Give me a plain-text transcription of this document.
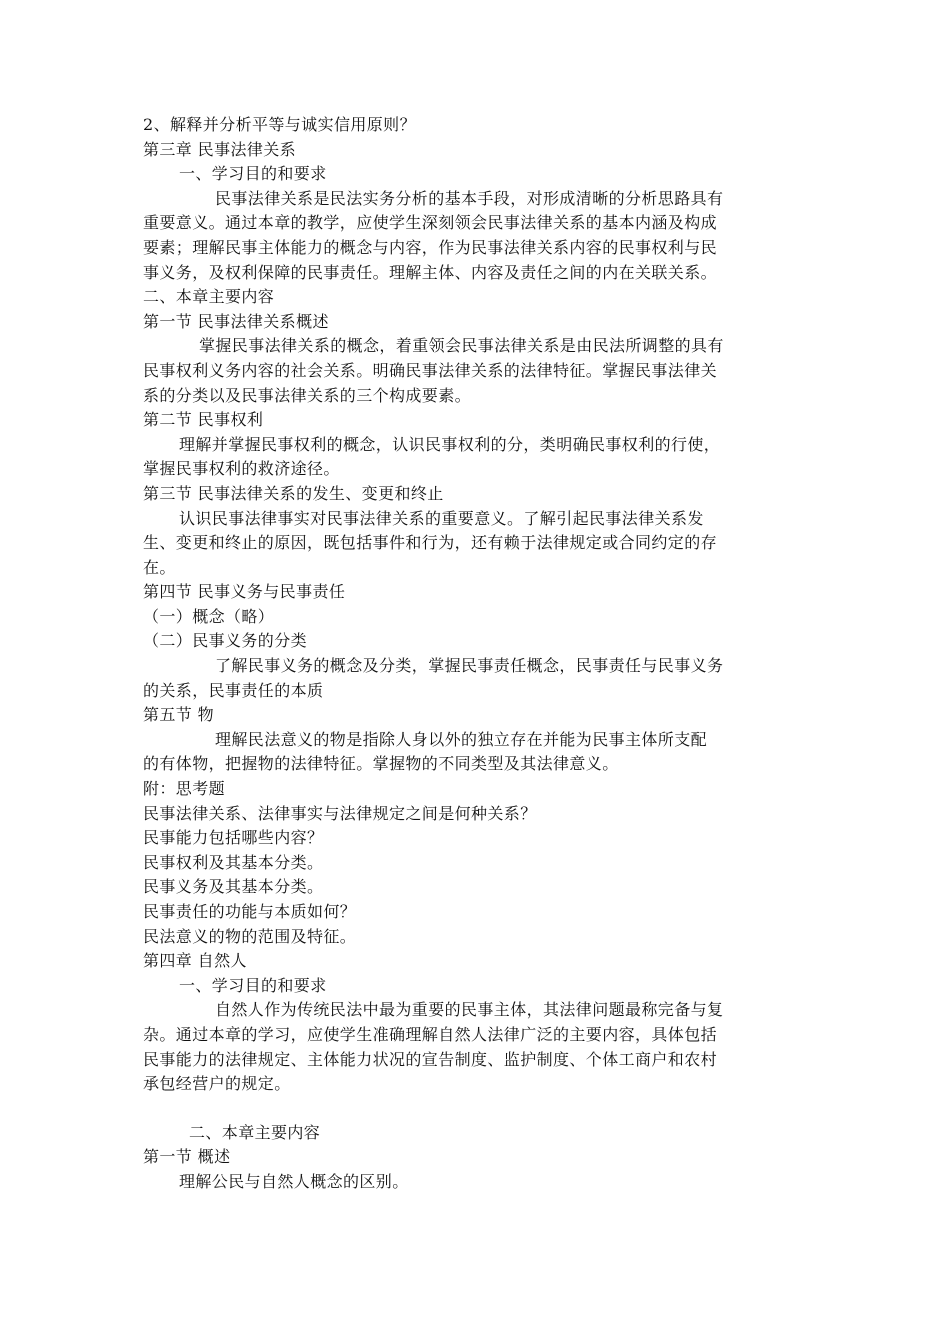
2、解释并分析平等与诚实信用原则？

第三章 民事法律关系

一、学习目的和要求

民事法律关系是民法实务分析的基本手段，对形成清晰的分析思路具有

重要意义。通过本章的教学，应使学生深刻领会民事法律关系的基本内涵及构成

要素；理解民事主体能力的概念与内容，作为民事法律关系内容的民事权利与民

事义务，及权利保障的民事责任。理解主体、内容及责任之间的内在关联关系。

二、本章主要内容

第一节 民事法律关系概述

掌握民事法律关系的概念，着重领会民事法律关系是由民法所调整的具有

民事权利义务内容的社会关系。明确民事法律关系的法律特征。掌握民事法律关

系的分类以及民事法律关系的三个构成要素。

第二节 民事权利

理解并掌握民事权利的概念，认识民事权利的分，类明确民事权利的行使，

掌握民事权利的救济途径。

第三节 民事法律关系的发生、变更和终止

认识民事法律事实对民事法律关系的重要意义。了解引起民事法律关系发

生、变更和终止的原因，既包括事件和行为，还有赖于法律规定或合同约定的存

在。

第四节 民事义务与民事责任

（一）概念（略）

（二）民事义务的分类

了解民事义务的概念及分类，掌握民事责任概念，民事责任与民事义务

的关系，民事责任的本质

第五节 物

理解民法意义的物是指除人身以外的独立存在并能为民事主体所支配

的有体物，把握物的法律特征。掌握物的不同类型及其法律意义。

附：思考题

民事法律关系、法律事实与法律规定之间是何种关系？

民事能力包括哪些内容？

民事权利及其基本分类。

民事义务及其基本分类。

民事责任的功能与本质如何？

民法意义的物的范围及特征。

第四章 自然人

一、学习目的和要求

自然人作为传统民法中最为重要的民事主体，其法律问题最称完备与复

杂。通过本章的学习，应使学生准确理解自然人法律广泛的主要内容，具体包括

民事能力的法律规定、主体能力状况的宣告制度、监护制度、个体工商户和农村

承包经营户的规定。

二、本章主要内容

第一节 概述

理解公民与自然人概念的区别。
